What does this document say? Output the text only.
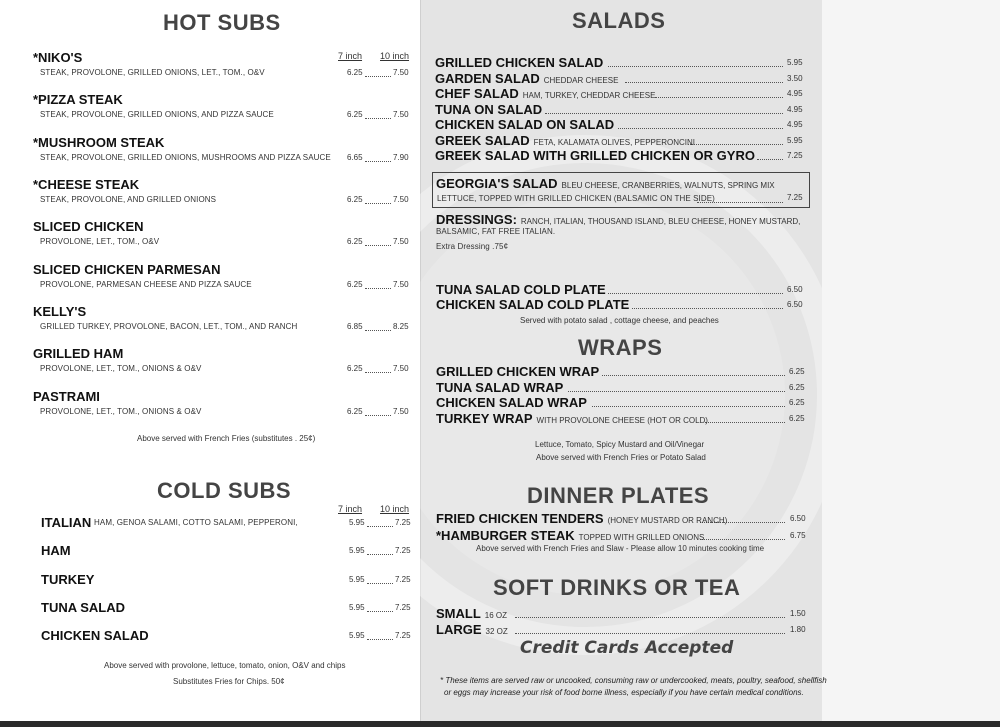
HOT SUBS
7 inch 10 inch
*NIKO'S
STEAK, PROVOLONE, GRILLED ONIONS, LET., TOM., O&V	6.25	7.50
*PIZZA STEAK
STEAK, PROVOLONE, GRILLED ONIONS, AND PIZZA SAUCE	6.25	7.50
*MUSHROOM STEAK
STEAK, PROVOLONE, GRILLED ONIONS, MUSHROOMS AND PIZZA SAUCE 6.65	7.90
*CHEESE STEAK
STEAK, PROVOLONE, AND GRILLED ONIONS	6.25	7.50
SLICED CHICKEN
PROVOLONE, LET., TOM., O&V	6.25	7.50
SLICED CHICKEN PARMESAN
PROVOLONE, PARMESAN CHEESE AND PIZZA SAUCE	6.25	7.50
KELLY'S
GRILLED TURKEY, PROVOLONE, BACON, LET., TOM., AND RANCH	6.85	8.25
GRILLED HAM
PROVOLONE, LET., TOM., ONIONS & O&V	6.25	7.50
PASTRAMI
PROVOLONE, LET., TOM., ONIONS & O&V	6.25	7.50
Above served with French Fries (substitutes . 25¢)
COLD SUBS
7 inch 10 inch
ITALIAN HAM, GENOA SALAMI, COTTO SALAMI, PEPPERONI,	5.95	7.25
HAM	5.95	7.25
TURKEY	5.95	7.25
TUNA SALAD	5.95	7.25
CHICKEN SALAD	5.95	7.25
Above served with provolone, lettuce, tomato, onion, O&V and chips
Substitutes Fries for Chips. 50¢
SALADS
GRILLED CHICKEN SALAD	5.95
GARDEN SALAD CHEDDAR CHEESE	3.50
CHEF SALAD HAM, TURKEY, CHEDDAR CHEESE	4.95
TUNA ON SALAD	4.95
CHICKEN SALAD ON SALAD	4.95
GREEK SALAD FETA, KALAMATA OLIVES, PEPPERONCINI	5.95
GREEK SALAD WITH GRILLED CHICKEN OR GYRO	7.25
GEORGIA'S SALAD BLEU CHEESE, CRANBERRIES, WALNUTS, SPRING MIX
LETTUCE, TOPPED WITH GRILLED CHICKEN (BALSAMIC ON THE SIDE)	7.25
DRESSINGS: RANCH, ITALIAN, THOUSAND ISLAND, BLEU CHEESE, HONEY MUSTARD,
BALSAMIC, FAT FREE ITALIAN.
Extra Dressing .75¢
TUNA SALAD COLD PLATE	6.50
CHICKEN SALAD COLD PLATE	6.50
Served with potato salad , cottage cheese, and peaches
WRAPS
GRILLED CHICKEN WRAP	6.25
TUNA SALAD WRAP	6.25
CHICKEN SALAD WRAP	6.25
TURKEY WRAP WITH PROVOLONE CHEESE (HOT OR COLD)	6.25
Lettuce, Tomato, Spicy Mustard and Oil/Vinegar
Above served with French Fries or Potato Salad
DINNER PLATES
FRIED CHICKEN TENDERS (HONEY MUSTARD OR RANCH)	6.50
*HAMBURGER STEAK TOPPED WITH GRILLED ONIONS	6.75
Above served with French Fries and Slaw - Please allow 10 minutes cooking time
SOFT DRINKS OR TEA
SMALL 16 OZ	1.50
LARGE 32 OZ	1.80
Credit Cards Accepted
* These items are served raw or uncooked, consuming raw or undercooked, meats, poultry, seafood, shellfish
or eggs may increase your risk of food borne illness, especially if you have certain medical conditions.
